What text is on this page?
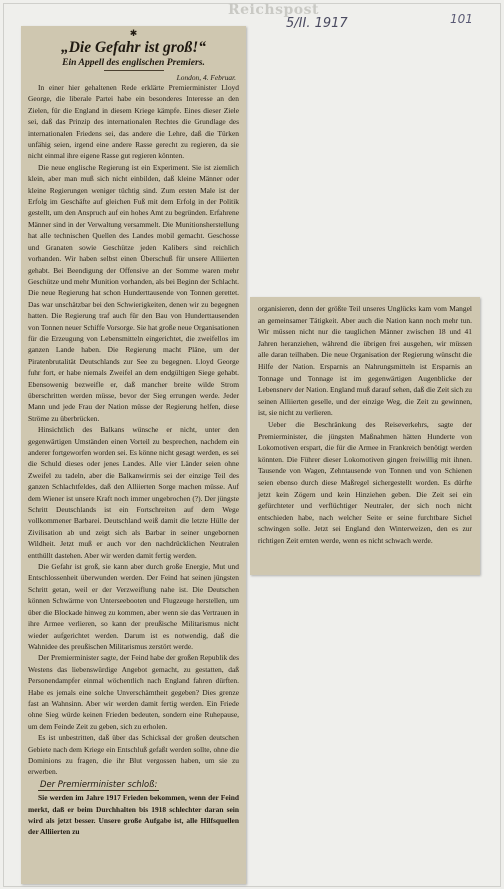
Reichspost
5/II. 1917	101
✱
„Die Gefahr ist groß!“
Ein Appell des englischen Premiers.
London, 4. Februar.

In einer hier gehaltenen Rede erklärte Premierminister Lloyd George, die liberale Partei habe ein besonderes Interesse an den Zielen, für die England in diesem Kriege kämpfe. Eines dieser Ziele sei, daß das Prinzip des internationalen Rechtes die Grundlage des internationalen Friedens sei, das andere die Lehre, daß die Türken unfähig seien, irgend eine andere Rasse gerecht zu regieren, da sie nicht einmal ihre eigene Rasse gut regieren könnten.

Die neue englische Regierung ist ein Experiment. Sie ist ziemlich klein, aber man muß sich nicht einbilden, daß kleine Männer oder kleine Regierungen weniger tüchtig sind. Zum ersten Male ist der Erfolg im Geschäfte auf gleichen Fuß mit dem Erfolg in der Politik gestellt, um den Anspruch auf ein hohes Amt zu begründen. Erfahrene Männer sind in der Verwaltung versammelt. Die Munitionsherstellung hat alle technischen Quellen des Landes mobil gemacht. Geschosse und Granaten sowie Geschütze jeden Kalibers sind reichlich vorhanden. Wir haben selbst einen Überschuß für unsere Alliierten gehabt. Bei Beendigung der Offensive an der Somme waren mehr Geschütze und mehr Munition vorhanden, als bei Beginn der Schlacht. Die neue Regierung hat schon Hunderttausende von Tonnen gerettet. Das war unschätzbar bei den Schwierigkeiten, denen wir zu begegnen hatten. Die Regierung traf auch für den Bau von Hunderttausenden von Tonnen neuer Schiffe Vorsorge. Sie hat große neue Organisationen für die Erzeugung von Lebensmitteln eingerichtet, die zweifellos im ganzen Lande haben. Die Regierung macht Pläne, um der Piratenbrutalität Deutschlands zur See zu begegnen. Lloyd George fuhr fort, er habe niemals Zweifel an dem endgültigen Siege gehabt. Ebensowenig bezweifle er, daß mancher breite wilde Strom überschritten werden müsse, bevor der Sieg errungen werde. Jeder Mann und jede Frau der Nation müsse der Regierung helfen, diese Ströme zu überbrücken.

Hinsichtlich des Balkans wünsche er nicht, unter den gegenwärtigen Umständen einen Vorteil zu besprechen, nachdem ein anderer fortgeworfen worden sei. Es könne nicht gesagt werden, es sei die Schuld dieses oder jenes Landes. Alle vier Länder seien ohne Zweifel zu tadeln, aber die Balkanwirrnis sei der einzige Teil des ganzen Schlachtfeldes, daß den Alliierten Sorge machen müsse. Auf dem Wiener ist unsere Kraft noch immer ungebrochen (?). Der jüngste Schritt Deutschlands ist ein Fortschreiten auf dem Wege vollkommener Barbarei. Deutschland weiß damit die letzte Hülle der Zivilisation ab und zeigt sich als Barbar in seiner ungebornen Wildheit. Jetzt muß er auch vor den nachdrücklichen Neutralen entthüllt dastehen. Aber wir werden damit fertig werden.

Die Gefahr ist groß, sie kann aber durch große Energie, Mut und Entschlossenheit überwunden werden. Der Feind hat seinen jüngsten Schritt getan, weil er der Verzweiflung nahe ist. Die Deutschen können Schwärme von Unterseebooten und Flugzeuge herstellen, um über die Blockade hinweg zu kommen, aber wenn sie das Vertrauen in ihre Armee verlieren, so kann der preußische Militarismus nicht wieder aufgerichtet werden. Darum ist es notwendig, daß die Wahnidee des preußischen Militarismus zerstört werde.

Der Premierminister sagte, der Feind habe der großen Republik des Westens das liebenswürdige Angebot gemacht, zu gestatten, daß Personendampfer einmal wöchentlich nach England fahren dürften. Habe es jemals eine solche Unverschämtheit gegeben? Dies grenze fast an Wahnsinn. Aber wir werden damit fertig werden. Ein Friede ohne Sieg würde keinen Frieden bedeuten, sondern eine Ruhepause, um dem Feinde Zeit zu geben, sich zu erholen.

Es ist unbestritten, daß über das Schicksal der großen deutschen Gebiete nach dem Kriege ein Entschluß gefaßt werden sollte, ohne die Dominions zu fragen, die ihr Blut vergossen haben, um sie zu erwerben.

Der Premierminister schloß:

Sie werden im Jahre 1917 Frieden bekommen, wenn der Feind merkt, daß er beim Durchhalten bis 1918 schlechter daran sein wird als jetzt besser. Unsere große Aufgabe ist, alle Hilfsquellen der Alliierten zu

organisieren, denn der größte Teil unseres Unglücks kam vom Mangel an gemeinsamer Tätigkeit. Aber auch die Nation kann noch mehr tun. Wir müssen nicht nur die tauglichen Männer zwischen 18 und 41 Jahren heranziehen, während die übrigen frei ausgehen, wir müssen alle daran teilhaben. Die neue Organisation der Regierung wünscht die Hilfe der Nation. Ersparnis an Nahrungsmitteln ist Ersparnis an Tonnage und Tonnage ist im gegenwärtigen Augenblicke der Lebensnerv der Nation. England muß darauf sehen, daß die Zeit sich zu seinen Alliierten geselle, und der einzige Weg, die Zeit zu gewinnen, ist, sie nicht zu verlieren.

Ueber die Beschränkung des Reiseverkehrs, sagte der Premierminister, die jüngsten Maßnahmen hätten Hunderte von Lokomotiven erspart, die für die Armee in Frankreich benötigt werden könnten. Die Führer dieser Lokomotiven gingen freiwillig mit ihnen. Tausende von Wagen, Zehntausende von Tonnen und von Schienen seien ebenso durch diese Maßregel sichergestellt worden. Es dürfte jetzt kein Zögern und kein Hinziehen geben. Die Zeit sei ein gefürchteter und verflüchtiger Neutraler, der sich noch nicht entschieden habe, nach welcher Seite er seine furchtbare Sichel schwingen solle. Jetzt sei England den Winterweizen, den es zur richtigen Zeit ernten werde, wenn es nicht schwach werde.
